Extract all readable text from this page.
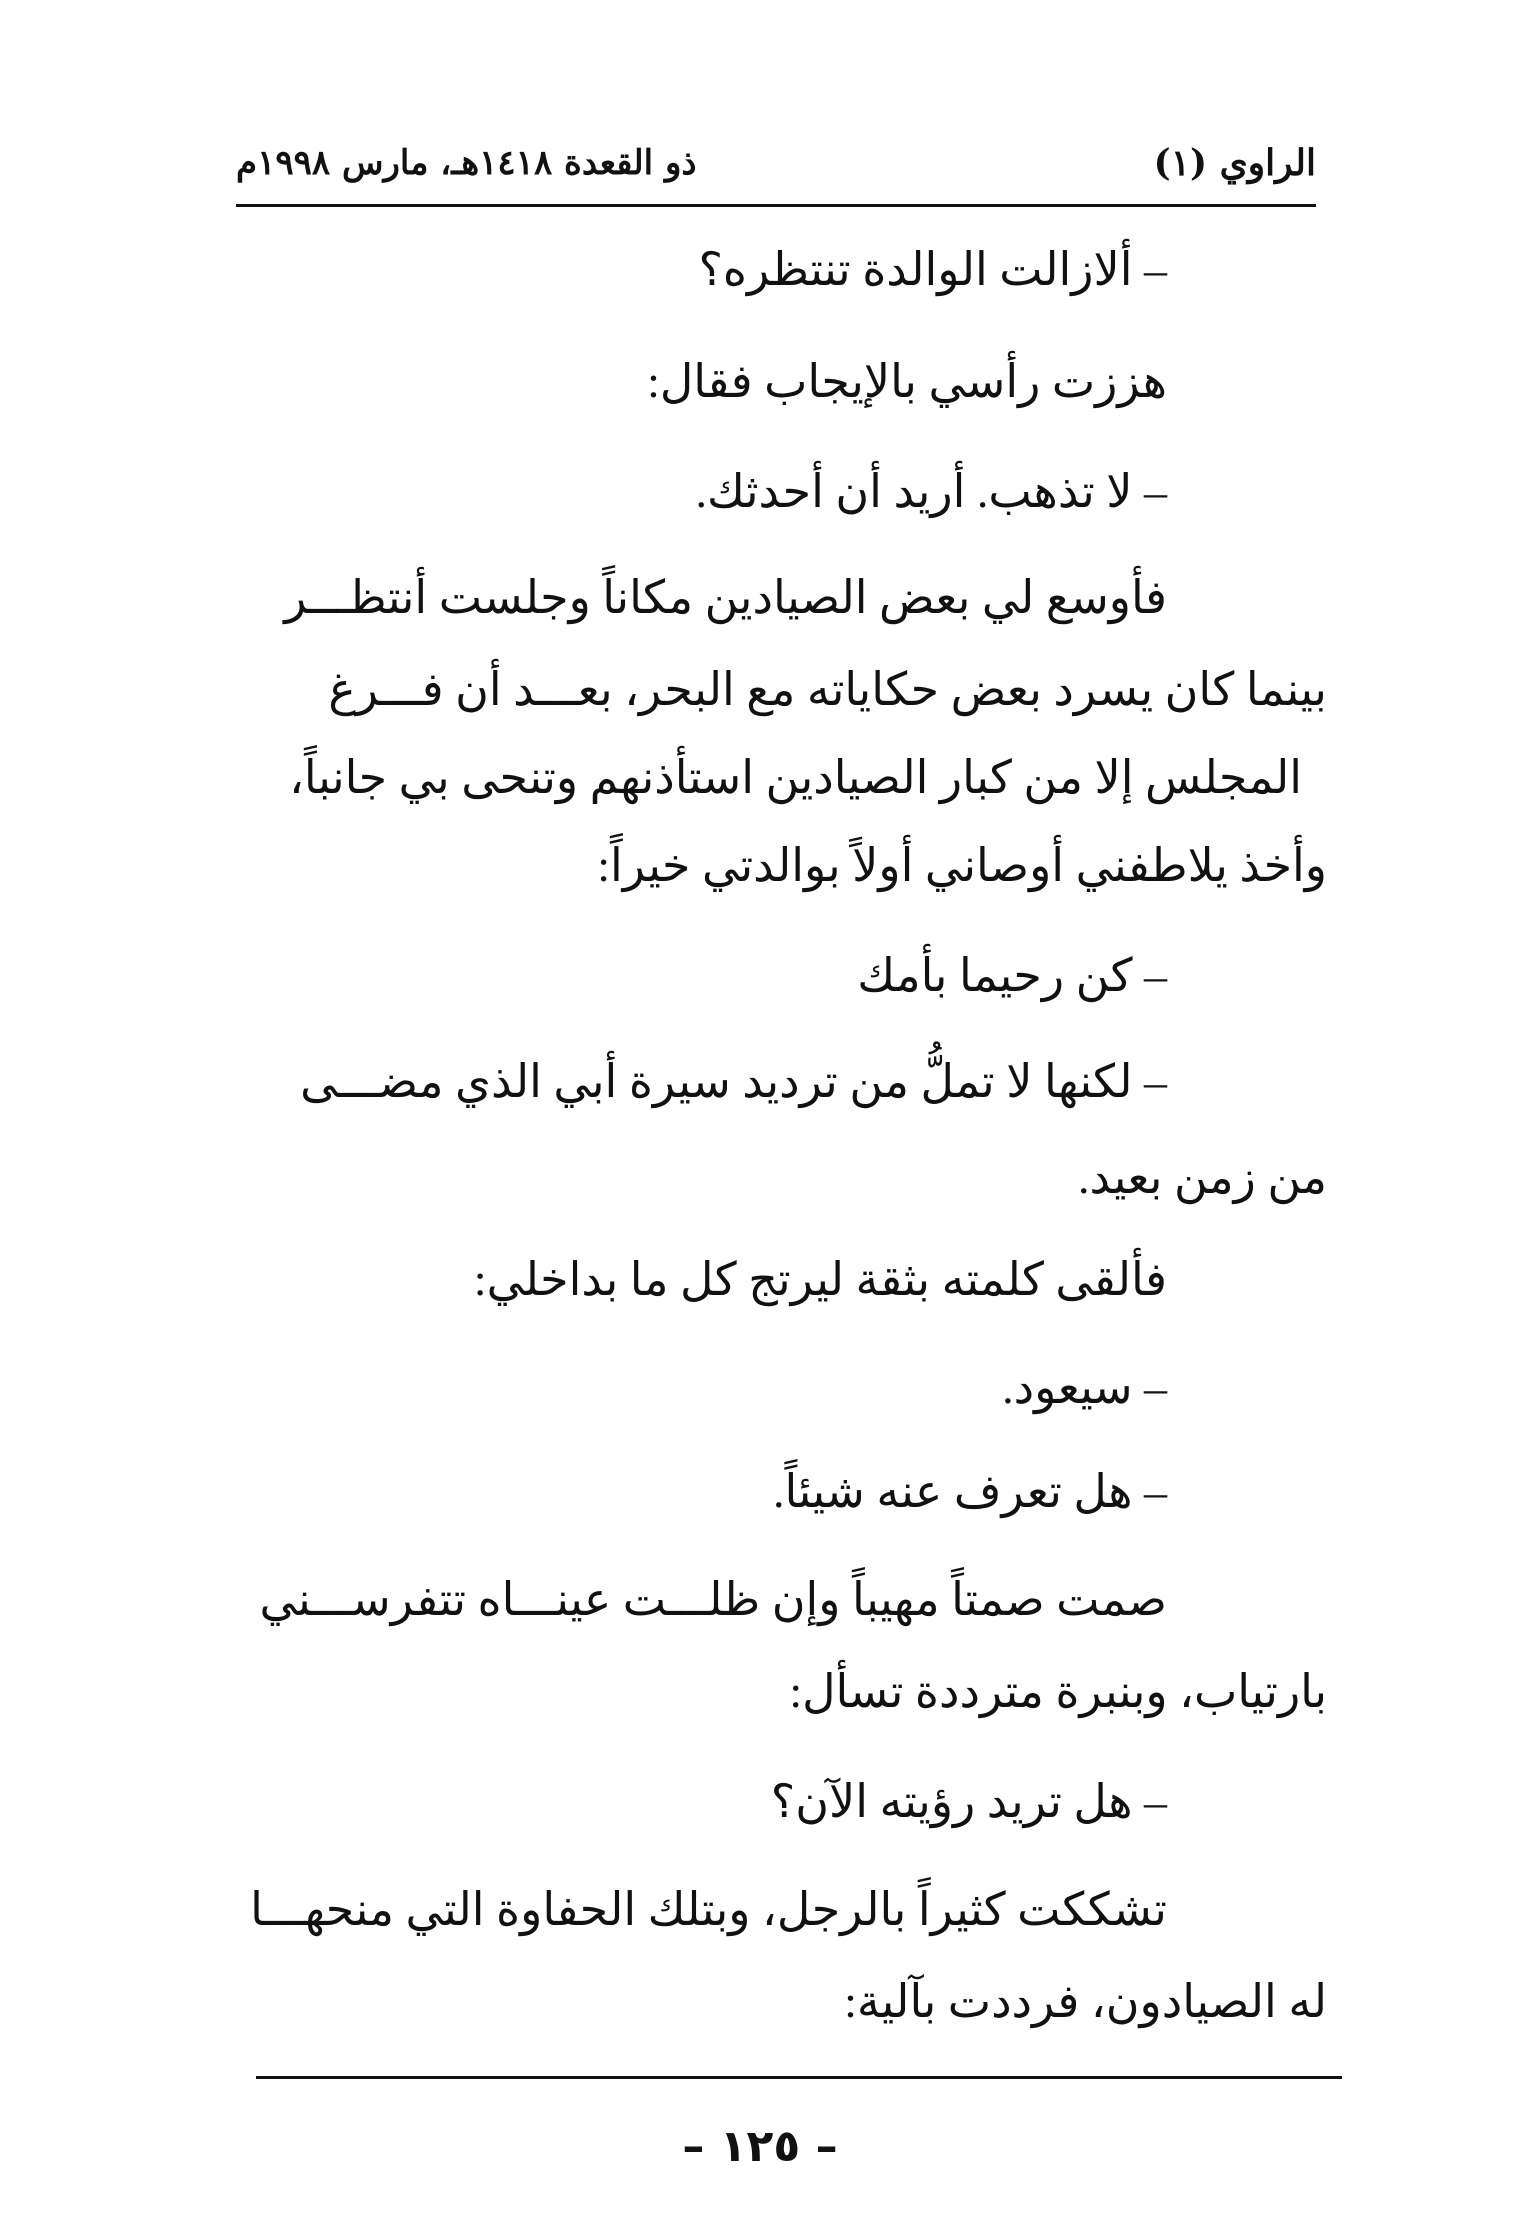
الراوي (١)
ذو القعدة ١٤١٨هـ، مارس ١٩٩٨م
– ألازالت الوالدة تنتظره؟
هززت رأسي بالإيجاب فقال:
– لا تذهب. أريد أن أحدثك.
فأوسع لي بعض الصيادين مكاناً وجلست أنتظـــر
بينما كان يسرد بعض حكاياته مع البحر، بعـــد أن فـــرغ
المجلس إلا من كبار الصيادين استأذنهم وتنحى بي جانباً،
وأخذ يلاطفني أوصاني أولاً بوالدتي خيراً:
– كن رحيما بأمك
– لكنها لا تملُّ من ترديد سيرة أبي الذي مضـــى
من زمن بعيد.
فألقى كلمته بثقة ليرتج كل ما بداخلي:
– سيعود.
– هل تعرف عنه شيئاً.
صمت صمتاً مهيباً وإن ظلـــت عينـــاه تتفرســـني
بارتياب، وبنبرة مترددة تسأل:
– هل تريد رؤيته الآن؟
تشككت كثيراً بالرجل، وبتلك الحفاوة التي منحهـــا
له الصيادون، فرددت بآلية:
– ١٢٥ –
